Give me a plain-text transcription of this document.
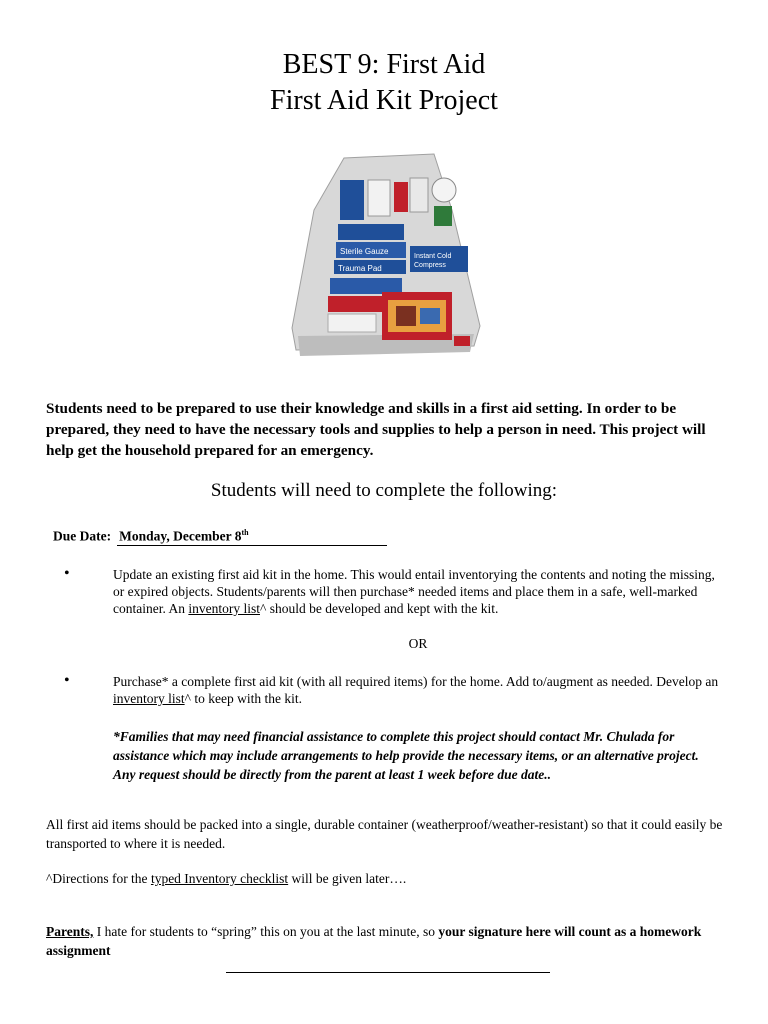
BEST 9: First Aid
First Aid Kit Project
Sterile Gauze
Trauma Pad
Instant Cold
Compress
Students need to be prepared to use their knowledge and skills in a first aid setting. In order to be prepared, they need to have the necessary tools and supplies to help a person in need. This project will help get the household prepared for an emergency.
Students will need to complete the following:
Due Date: Monday, December 8th
•	Update an existing first aid kit in the home. This would entail inventorying the contents and noting the missing, or expired objects. Students/parents will then purchase* needed items and place them in a safe, well-marked container. An inventory list^ should be developed and kept with the kit.
OR
•	Purchase* a complete first aid kit (with all required items) for the home. Add to/augment as needed. Develop an inventory list^ to keep with the kit.
*Families that may need financial assistance to complete this project should contact Mr. Chulada for assistance which may include arrangements to help provide the necessary items, or an alternative project. Any request should be directly from the parent at least 1 week before due date..
All first aid items should be packed into a single, durable container (weatherproof/weather-resistant) so that it could easily be transported to where it is needed.
^Directions for the typed Inventory checklist will be given later….
Parents, I hate for students to “spring” this on you at the last minute, so your signature here will count as a homework assignment
